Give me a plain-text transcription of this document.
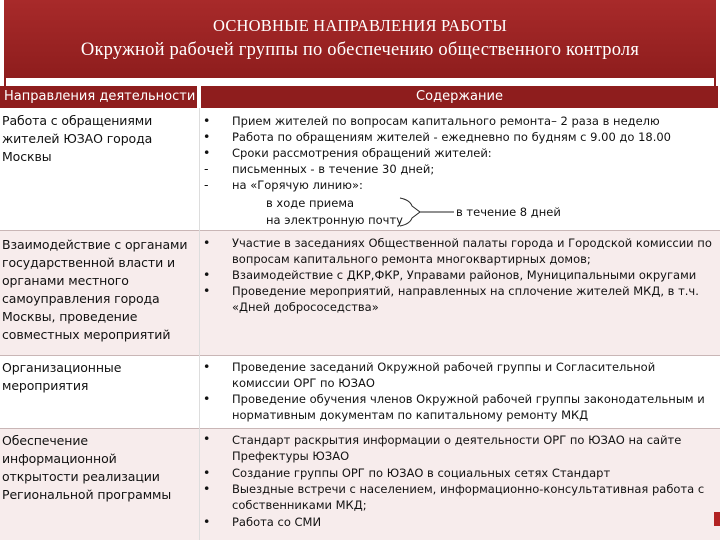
ОСНОВНЫЕ НАПРАВЛЕНИЯ РАБОТЫ
Окружной рабочей группы по обеспечению общественного контроля
Направления деятельности	Содержание
Работа с обращениями жителей ЮЗАО города Москвы
•
•
•
-
-
Прием жителей по вопросам капитального ремонта– 2 раза в неделю
Работа по обращениям жителей - ежедневно по будням с 9.00 до 18.00
Сроки рассмотрения обращений жителей:
письменных - в течение 30 дней;
на «Горячую линию»:
в ходе приема
на электронную почту
в течение 8 дней
Взаимодействие с органами государственной власти и органами местного самоуправления города Москвы, проведение совместных мероприятий
•
•
•
Участие в заседаниях Общественной палаты города и Городской комиссии по вопросам капитального ремонта многоквартирных домов;
Взаимодействие с ДКР,ФКР, Управами районов, Муниципальными округами
Проведение мероприятий, направленных на сплочение жителей МКД, в т.ч. «Дней добрососедства»
Организационные мероприятия
•
•
Проведение заседаний Окружной рабочей группы и Согласительной комиссии ОРГ по ЮЗАО
Проведение обучения членов Окружной рабочей группы законодательным и нормативным документам по капитальному ремонту МКД
Обеспечение информационной открытости реализации Региональной программы
•
•
•
•
Стандарт раскрытия информации о деятельности ОРГ по ЮЗАО на сайте Префектуры ЮЗАО
Создание группы ОРГ по ЮЗАО в социальных сетях Стандарт
Выездные встречи с населением, информационно-консультативная работа с собственниками МКД;
Работа со СМИ
